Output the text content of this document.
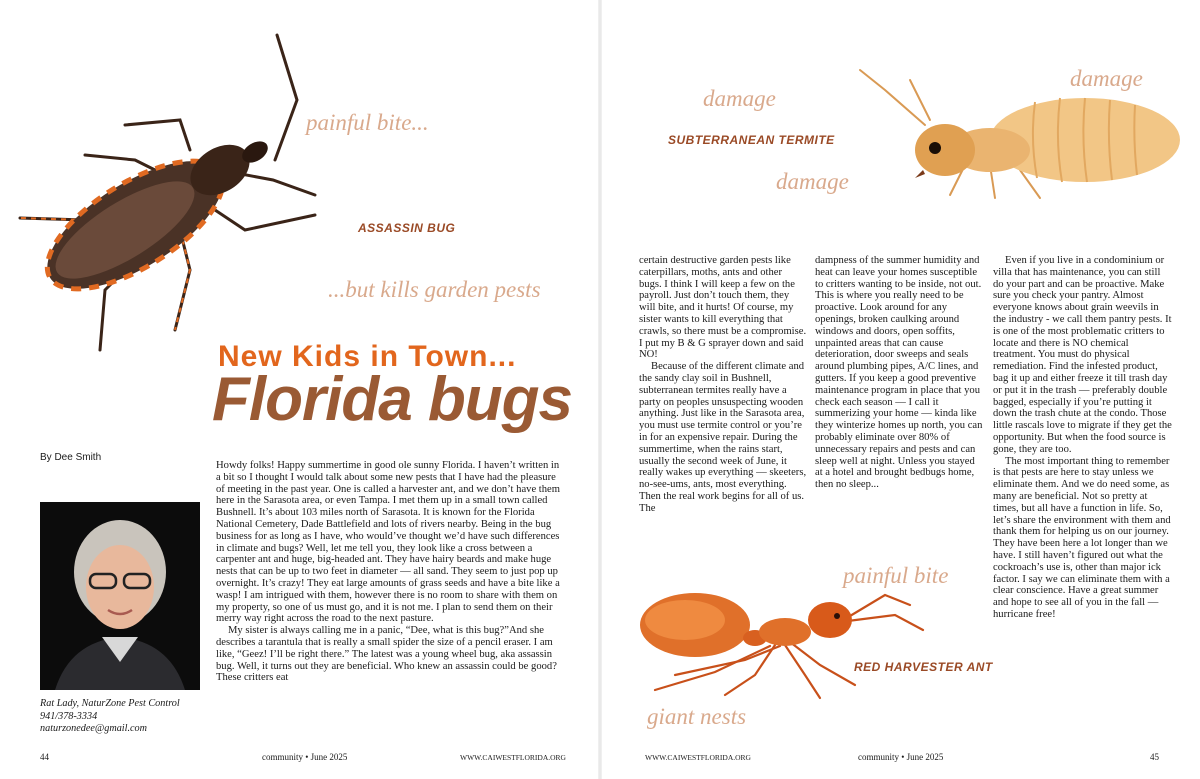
painful bite...
...but kills garden pests
damage
damage
damage
painful bite
giant nests
ASSASSIN BUG
SUBTERRANEAN TERMITE
RED HARVESTER ANT
New Kids in Town...
Florida bugs
By Dee Smith
Rat Lady, NaturZone Pest Control
941/378-3334
naturzonedee@gmail.com

Howdy folks! Happy summertime in good ole sunny Florida. I haven’t written in a bit so I thought I would talk about some new pests that I have had the pleasure of meeting in the past year. One is called a harvester ant, and we don’t have them here in the Sarasota area, or even Tampa. I met them up in a small town called Bushnell. It’s about 103 miles north of Sarasota. It is known for the Florida National Cemetery, Dade Battlefield and lots of rivers nearby. Being in the bug business for as long as I have, who would’ve thought we’d have such differences in climate and bugs? Well, let me tell you, they look like a cross between a carpenter ant and huge, big-headed ant. They have hairy beards and make huge nests that can be up to two feet in diameter — all sand. They seem to just pop up overnight. It’s crazy! They eat large amounts of grass seeds and have a bite like a wasp! I am intrigued with them, however there is no room to share with them on my property, so one of us must go, and it is not me. I plan to send them on their merry way right across the road to the next pasture.

My sister is always calling me in a panic, “Dee, what is this bug?”And she describes a tarantula that is really a small spider the size of a pencil eraser. I am like, “Geez! I’ll be right there.” The latest was a young wheel bug, aka assassin bug. Well, it turns out they are beneficial. Who knew an assassin could be good? These critters eat

certain destructive garden pests like caterpillars, moths, ants and other bugs. I think I will keep a few on the payroll. Just don’t touch them, they will bite, and it hurts! Of course, my sister wants to kill everything that crawls, so there must be a compromise. I put my B & G sprayer down and said NO!

Because of the different climate and the sandy clay soil in Bushnell, subterranean termites really have a party on peoples unsuspecting wooden anything. Just like in the Sarasota area, you must use termite control or you’re in for an expensive repair. During the summertime, when the rains start, usually the second week of June, it really wakes up everything — skeeters, no-see-ums, ants, most everything. Then the real work begins for all of us. The

dampness of the summer humidity and heat can leave your homes susceptible to critters wanting to be inside, not out. This is where you really need to be proactive. Look around for any openings, broken caulking around windows and doors, open soffits, unpainted areas that can cause deterioration, door sweeps and seals around plumbing pipes, A/C lines, and gutters. If you keep a good preventive maintenance program in place that you check each season — I call it summerizing your home — kinda like they winterize homes up north, you can probably eliminate over 80% of unnecessary repairs and pests and can sleep well at night. Unless you stayed at a hotel and brought bedbugs home, then no sleep...

Even if you live in a condominium or villa that has maintenance, you can still do your part and can be proactive. Make sure you check your pantry. Almost everyone knows about grain weevils in the industry - we call them pantry pests. It is one of the most problematic critters to locate and there is NO chemical treatment. You must do physical remediation. Find the infested product, bag it up and either freeze it till trash day or put it in the trash — preferably double bagged, especially if you’re putting it down the trash chute at the condo. Those little rascals love to migrate if they get the opportunity. But when the food source is gone, they are too.

The most important thing to remember is that pests are here to stay unless we eliminate them. And we do need some, as many are beneficial. Not so pretty at times, but all have a function in life. So, let’s share the environment with them and thank them for helping us on our journey. They have been here a lot longer than we have. I still haven’t figured out what the cockroach’s use is, other than major ick factor. I say we can eliminate them with a clear conscience. Have a great summer and hope to see all of you in the fall — hurricane free!

44	community • June 2025	WWW.CAIWESTFLORIDA.ORG	WWW.CAIWESTFLORIDA.ORG	community • June 2025	45
